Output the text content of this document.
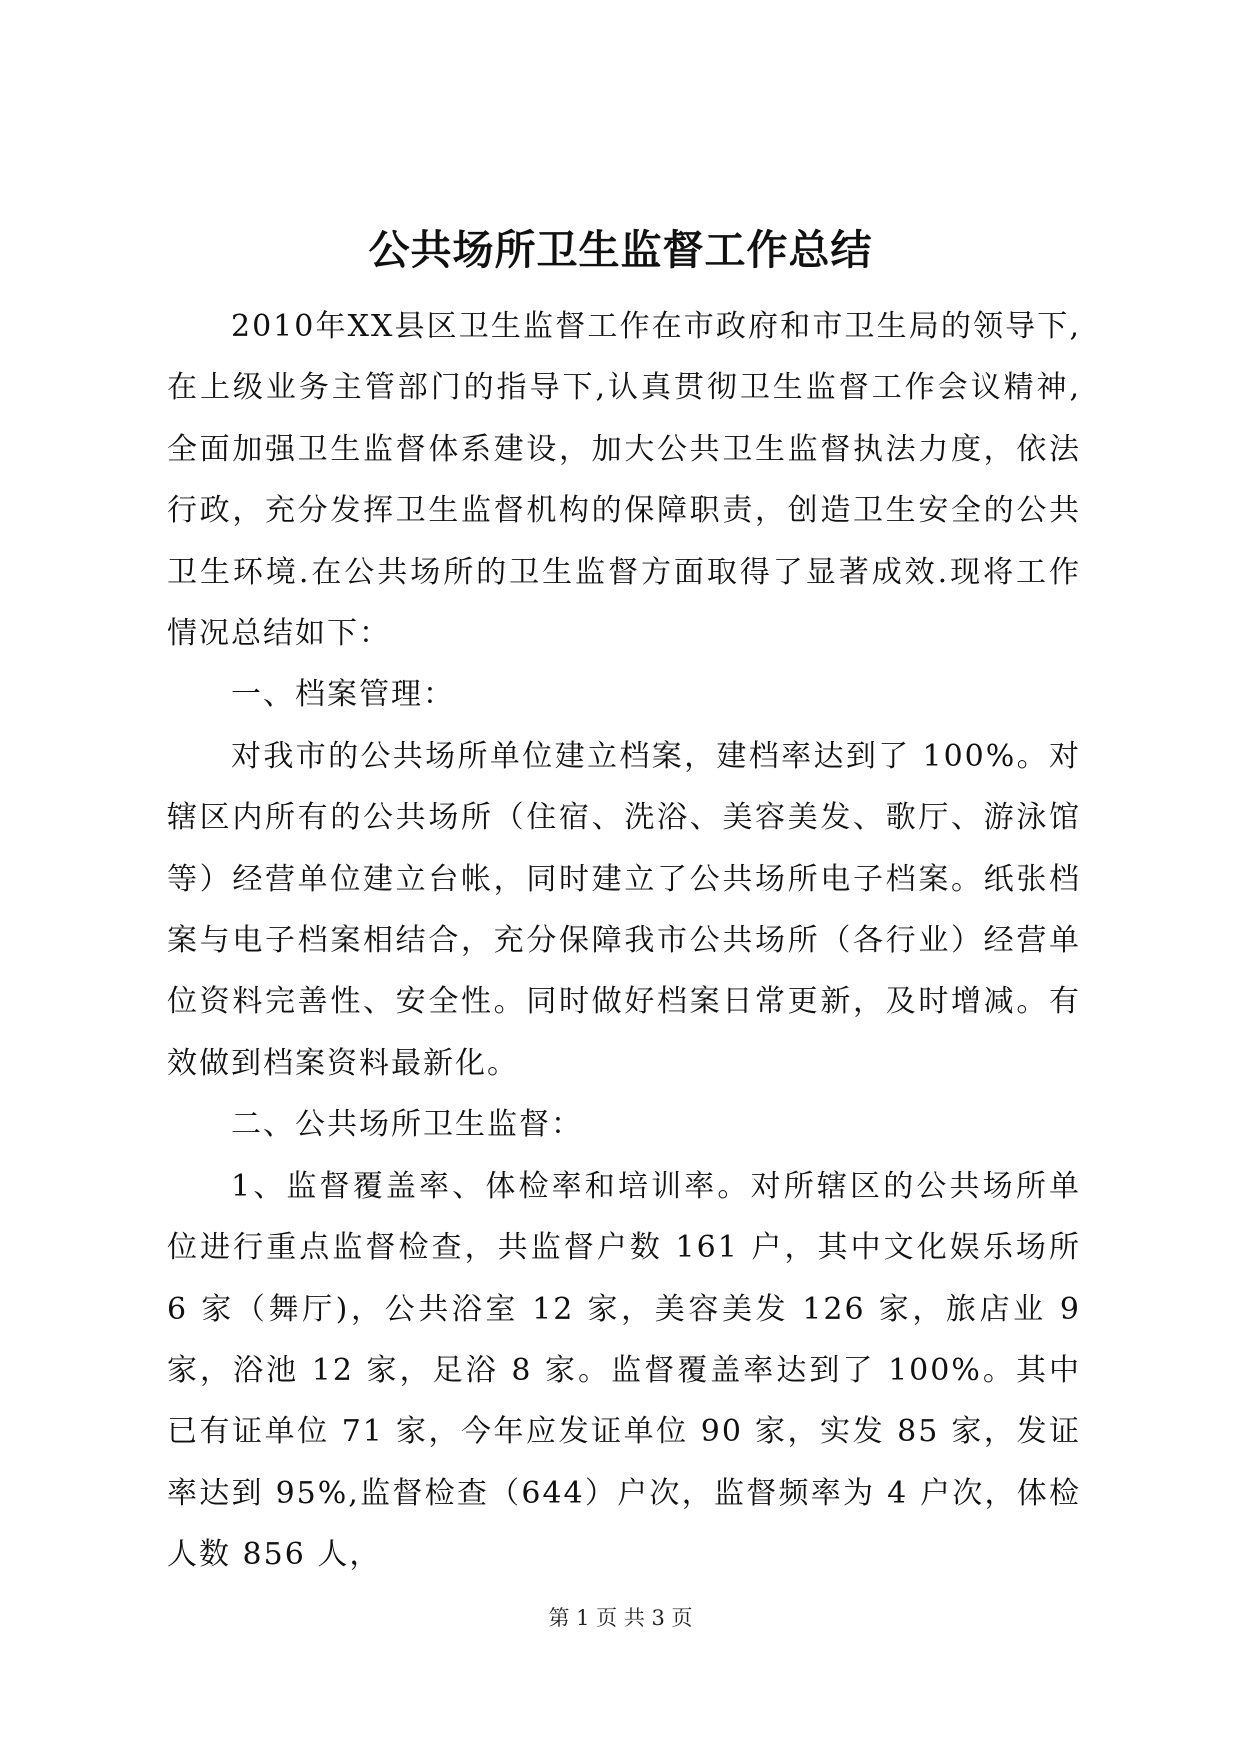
公共场所卫生监督工作总结

2010年XX县区卫生监督工作在市政府和市卫生局的领导下,在上级业务主管部门的指导下,认真贯彻卫生监督工作会议精神,全面加强卫生监督体系建设，加大公共卫生监督执法力度，依法行政，充分发挥卫生监督机构的保障职责，创造卫生安全的公共卫生环境.在公共场所的卫生监督方面取得了显著成效.现将工作情况总结如下：

一、档案管理：

对我市的公共场所单位建立档案，建档率达到了 100%。对辖区内所有的公共场所（住宿、洗浴、美容美发、歌厅、游泳馆等）经营单位建立台帐，同时建立了公共场所电子档案。纸张档案与电子档案相结合，充分保障我市公共场所（各行业）经营单位资料完善性、安全性。同时做好档案日常更新，及时增减。有效做到档案资料最新化。

二、公共场所卫生监督：

1、监督覆盖率、体检率和培训率。对所辖区的公共场所单位进行重点监督检查，共监督户数 161 户，其中文化娱乐场所 6 家（舞厅)，公共浴室 12 家，美容美发 126 家，旅店业 9 家，浴池 12 家，足浴 8 家。监督覆盖率达到了 100%。其中已有证单位 71 家，今年应发证单位 90 家，实发 85 家，发证率达到 95%,监督检查（644）户次，监督频率为 4 户次，体检人数 856 人，

第 1 页 共 3 页
